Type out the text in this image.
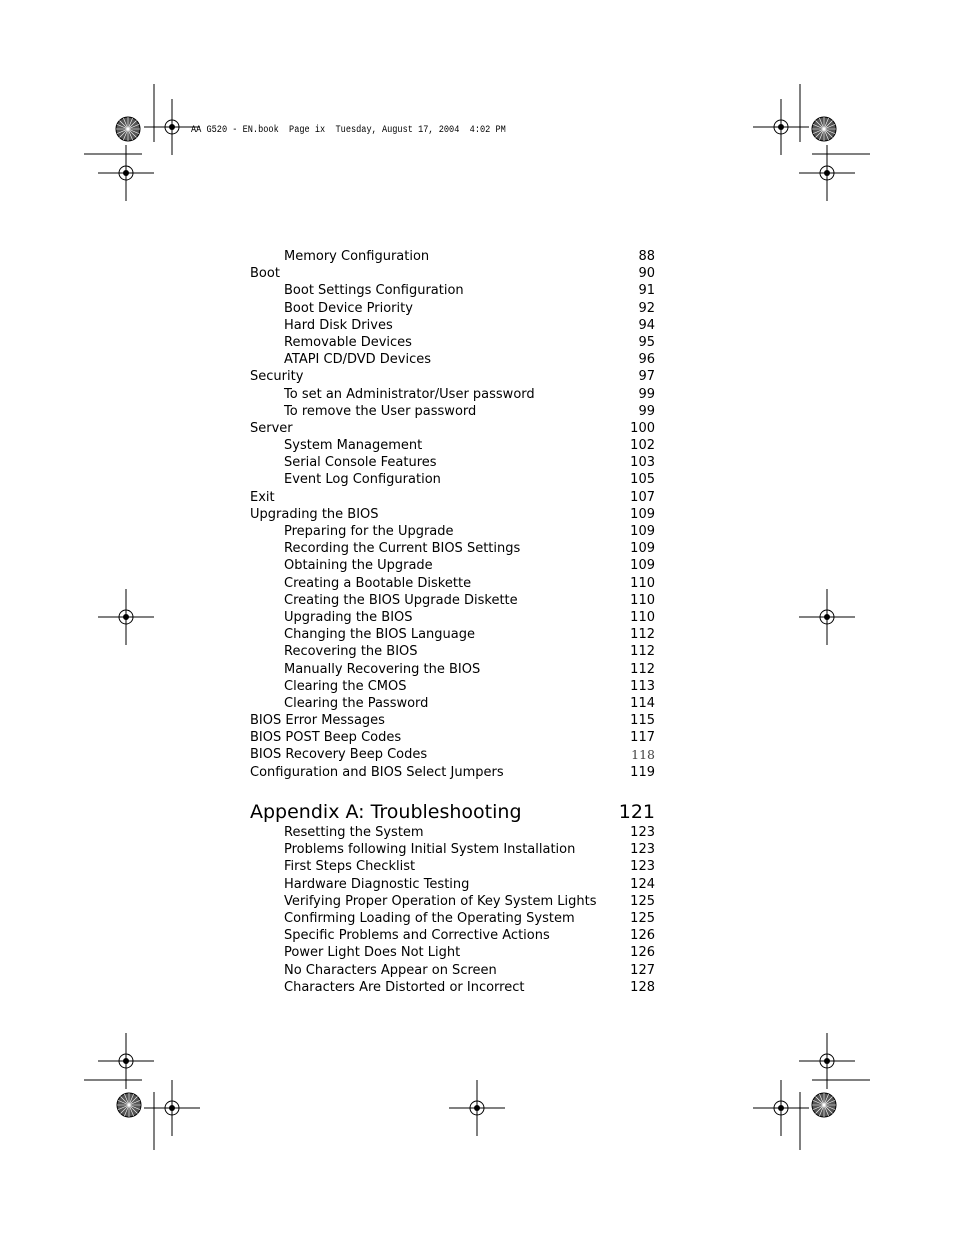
AA G520 - EN.book  Page ix  Tuesday, August 17, 2004  4:02 PM
Memory Configuration	88
Boot	90
Boot Settings Configuration	91
Boot Device Priority	92
Hard Disk Drives	94
Removable Devices	95
ATAPI CD/DVD Devices	96
Security	97
To set an Administrator/User password	99
To remove the User password	99
Server	100
System Management	102
Serial Console Features	103
Event Log Configuration	105
Exit	107
Upgrading the BIOS	109
Preparing for the Upgrade	109
Recording the Current BIOS Settings	109
Obtaining the Upgrade	109
Creating a Bootable Diskette	110
Creating the BIOS Upgrade Diskette	110
Upgrading the BIOS	110
Changing the BIOS Language	112
Recovering the BIOS	112
Manually Recovering the BIOS	112
Clearing the CMOS	113
Clearing the Password	114
BIOS Error Messages	115
BIOS POST Beep Codes	117
BIOS Recovery Beep Codes	118
Configuration and BIOS Select Jumpers	119
Appendix A: Troubleshooting	121
Resetting the System	123
Problems following Initial System Installation	123
First Steps Checklist	123
Hardware Diagnostic Testing	124
Verifying Proper Operation of Key System Lights	125
Confirming Loading of the Operating System	125
Specific Problems and Corrective Actions	126
Power Light Does Not Light	126
No Characters Appear on Screen	127
Characters Are Distorted or Incorrect	128
